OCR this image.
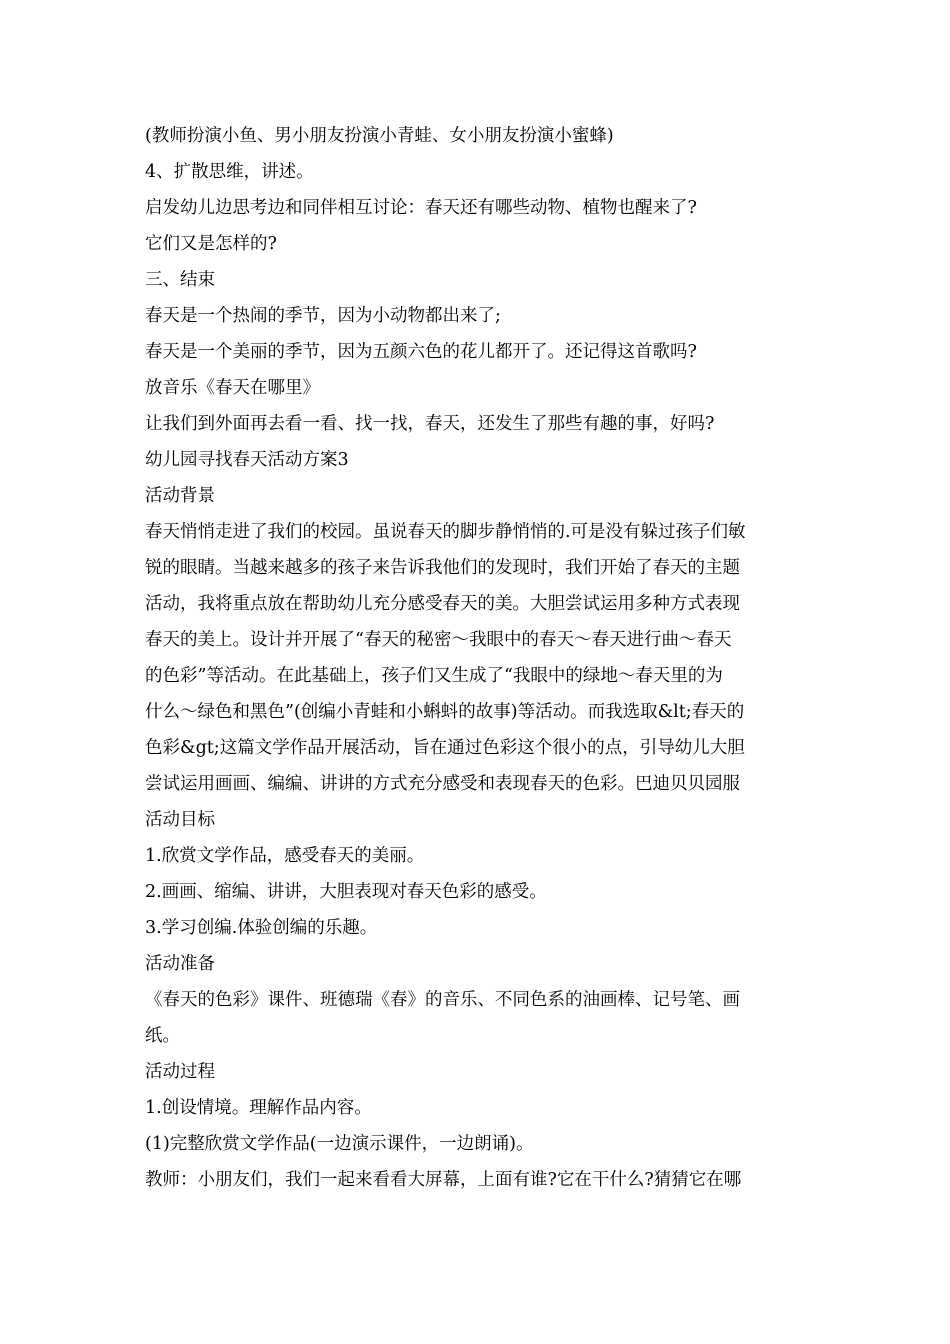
(教师扮演小鱼、男小朋友扮演小青蛙、女小朋友扮演小蜜蜂)
4、扩散思维，讲述。
启发幼儿边思考边和同伴相互讨论：春天还有哪些动物、植物也醒来了?
它们又是怎样的?
三、结束
春天是一个热闹的季节，因为小动物都出来了;
春天是一个美丽的季节，因为五颜六色的花儿都开了。还记得这首歌吗?
放音乐《春天在哪里》
让我们到外面再去看一看、找一找，春天，还发生了那些有趣的事，好吗?
幼儿园寻找春天活动方案3
活动背景
春天悄悄走进了我们的校园。虽说春天的脚步静悄悄的.可是没有躲过孩子们敏
锐的眼睛。当越来越多的孩子来告诉我他们的发现时，我们开始了春天的主题
活动，我将重点放在帮助幼儿充分感受春天的美。大胆尝试运用多种方式表现
春天的美上。设计并开展了“春天的秘密～我眼中的春天～春天进行曲～春天
的色彩”等活动。在此基础上，孩子们又生成了“我眼中的绿地～春天里的为
什么～绿色和黑色”(创编小青蛙和小蝌蚪的故事)等活动。而我选取&lt;春天的
色彩&gt;这篇文学作品开展活动，旨在通过色彩这个很小的点，引导幼儿大胆
尝试运用画画、编编、讲讲的方式充分感受和表现春天的色彩。巴迪贝贝园服
活动目标
1.欣赏文学作品，感受春天的美丽。
2.画画、缩编、讲讲，大胆表现对春天色彩的感受。
3.学习创编.体验创编的乐趣。
活动准备
《春天的色彩》课件、班德瑞《春》的音乐、不同色系的油画棒、记号笔、画
纸。
活动过程
1.创设情境。理解作品内容。
(1)完整欣赏文学作品(一边演示课件，一边朗诵)。
教师：小朋友们，我们一起来看看大屏幕，上面有谁?它在干什么?猜猜它在哪
